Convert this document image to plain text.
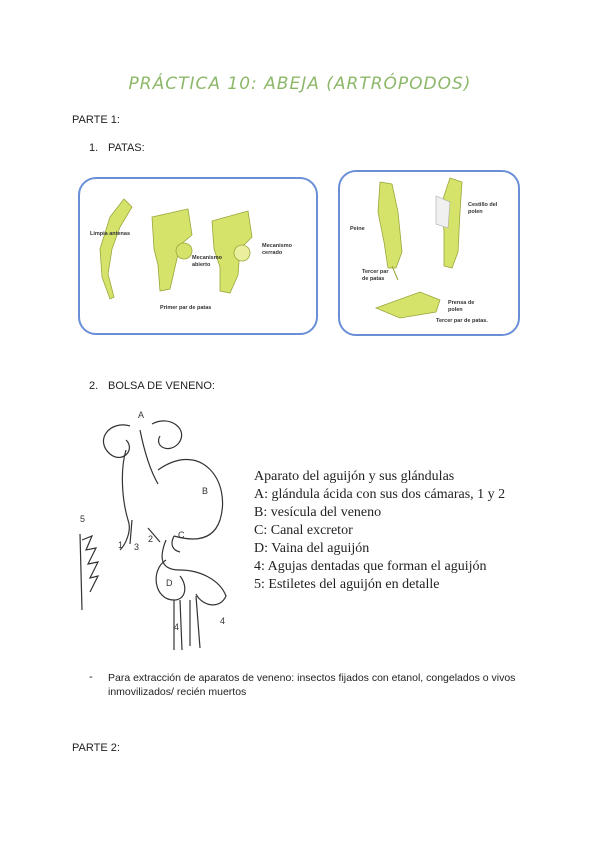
PRÁCTICA 10: ABEJA (ARTRÓPODOS)
PARTE 1:
1. PATAS:
Limpia antenas
Mecanismo abierto
Mecanismo cerrado
Primer par de patas
Cestillo del polen
Peine
Tercer par de patas
Prensa de polen
Tercer par de patas.
2. BOLSA DE VENENO:
A
B
C
D
1
2
3
4
4
5
Aparato del aguijón y sus glándulas
A: glándula ácida con sus dos cámaras, 1 y 2
B: vesícula del veneno
C: Canal excretor
D: Vaina del aguijón
4: Agujas dentadas que forman el aguijón
5: Estiletes del aguijón en detalle
- Para extracción de aparatos de veneno: insectos fijados con etanol, congelados o vivos inmovilizados/ recién muertos
PARTE 2:
